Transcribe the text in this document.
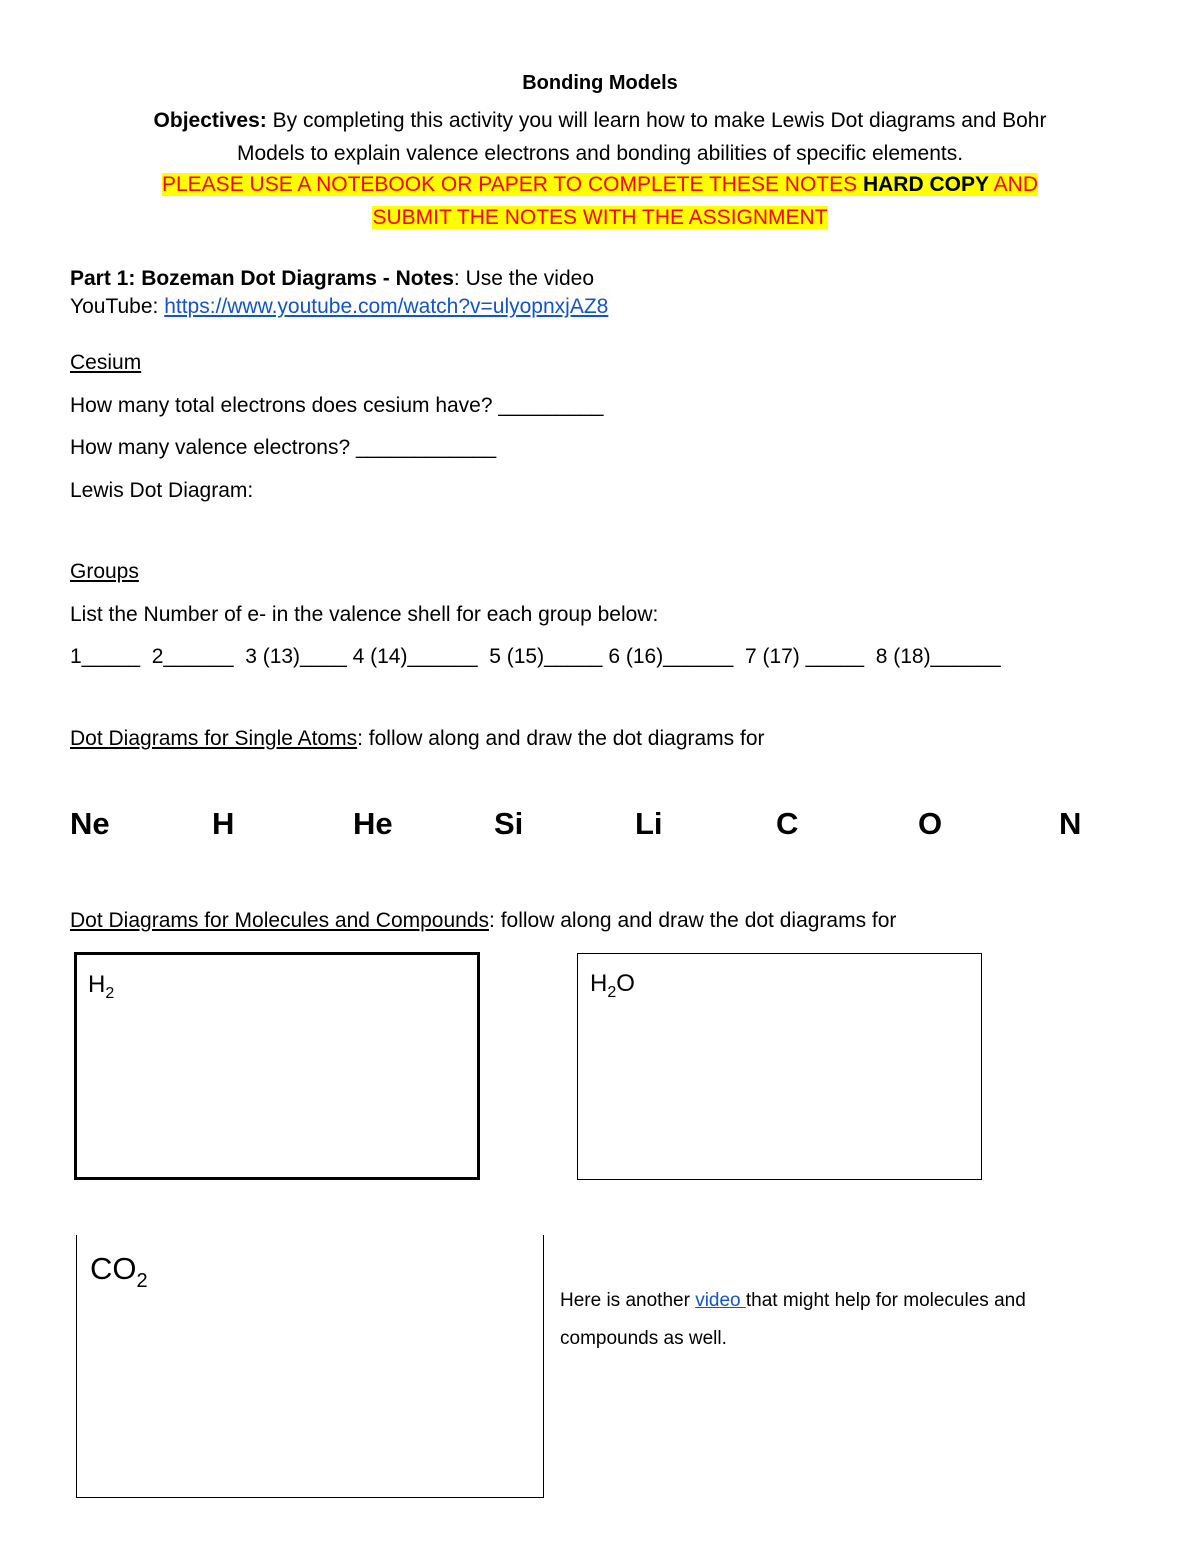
Bonding Models
Objectives: By completing this activity you will learn how to make Lewis Dot diagrams and Bohr
Models to explain valence electrons and bonding abilities of specific elements.
PLEASE USE A NOTEBOOK OR PAPER TO COMPLETE THESE NOTES HARD COPY AND
SUBMIT THE NOTES WITH THE ASSIGNMENT
Part 1: Bozeman Dot Diagrams - Notes: Use the video
YouTube: https://www.youtube.com/watch?v=ulyopnxjAZ8
Cesium
How many total electrons does cesium have? _________
How many valence electrons? ____________
Lewis Dot Diagram:
Groups
List the Number of e- in the valence shell for each group below:
1_____ 2______ 3 (13)____ 4 (14)______ 5 (15)_____ 6 (16)______ 7 (17) _____ 8 (18)______
Dot Diagrams for Single Atoms: follow along and draw the dot diagrams for
Ne	H	He	Si	Li	C	O	N
Dot Diagrams for Molecules and Compounds: follow along and draw the dot diagrams for
$H_2$	$H_2O$
$CO_2$
Here is another video that might help for molecules and compounds as well.
